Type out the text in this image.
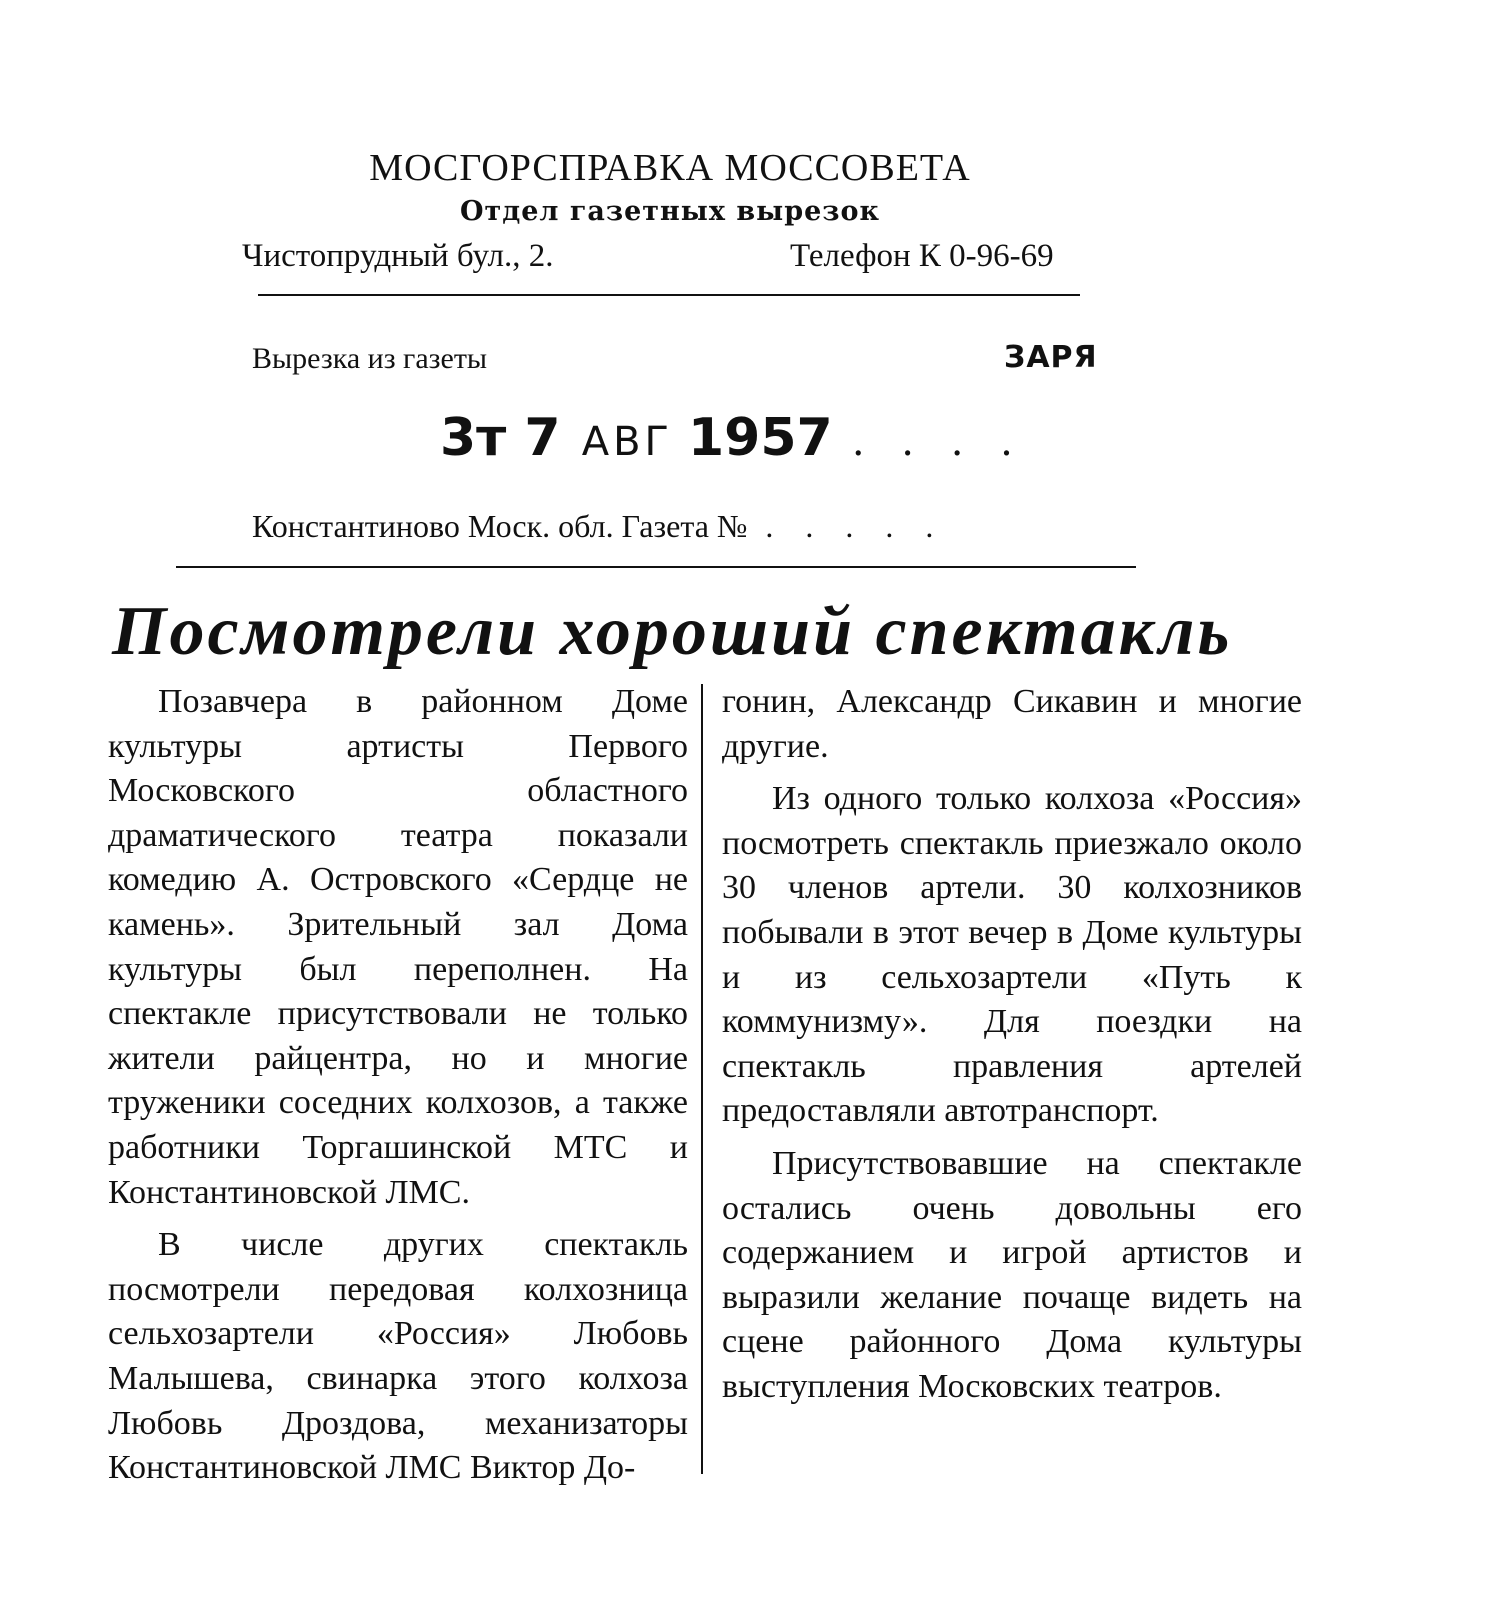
МОСГОРСПРАВКА МОССОВЕТА
Отдел газетных вырезок
Чистопрудный бул., 2.	Телефон К 0-96-69
Вырезка из газеты	ЗАРЯ
3т 7 АВГ 1957 . . . .
Константиново Моск. обл. Газета № . . . . .
Посмотрели хороший спектакль

Позавчера в районном Доме культуры артисты Первого Московского областного драматического театра показали комедию А. Островского «Сердце не камень». Зрительный зал Дома культуры был переполнен. На спектакле присутствовали не только жители райцентра, но и многие труженики соседних колхозов, а также работники Торгашинской МТС и Константиновской ЛМС.

В числе других спектакль посмотрели передовая колхозница сельхозартели «Россия» Любовь Малышева, свинарка этого колхоза Любовь Дроздова, механизаторы Константиновской ЛМС Виктор До-

гонин, Александр Сикавин и многие другие.

Из одного только колхоза «Россия» посмотреть спектакль приезжало около 30 членов артели. 30 колхозников побывали в этот вечер в Доме культуры и из сельхозартели «Путь к коммунизму». Для поездки на спектакль правления артелей предоставляли автотранспорт.

Присутствовавшие на спектакле остались очень довольны его содержанием и игрой артистов и выразили желание почаще видеть на сцене районного Дома культуры выступления Московских театров.
